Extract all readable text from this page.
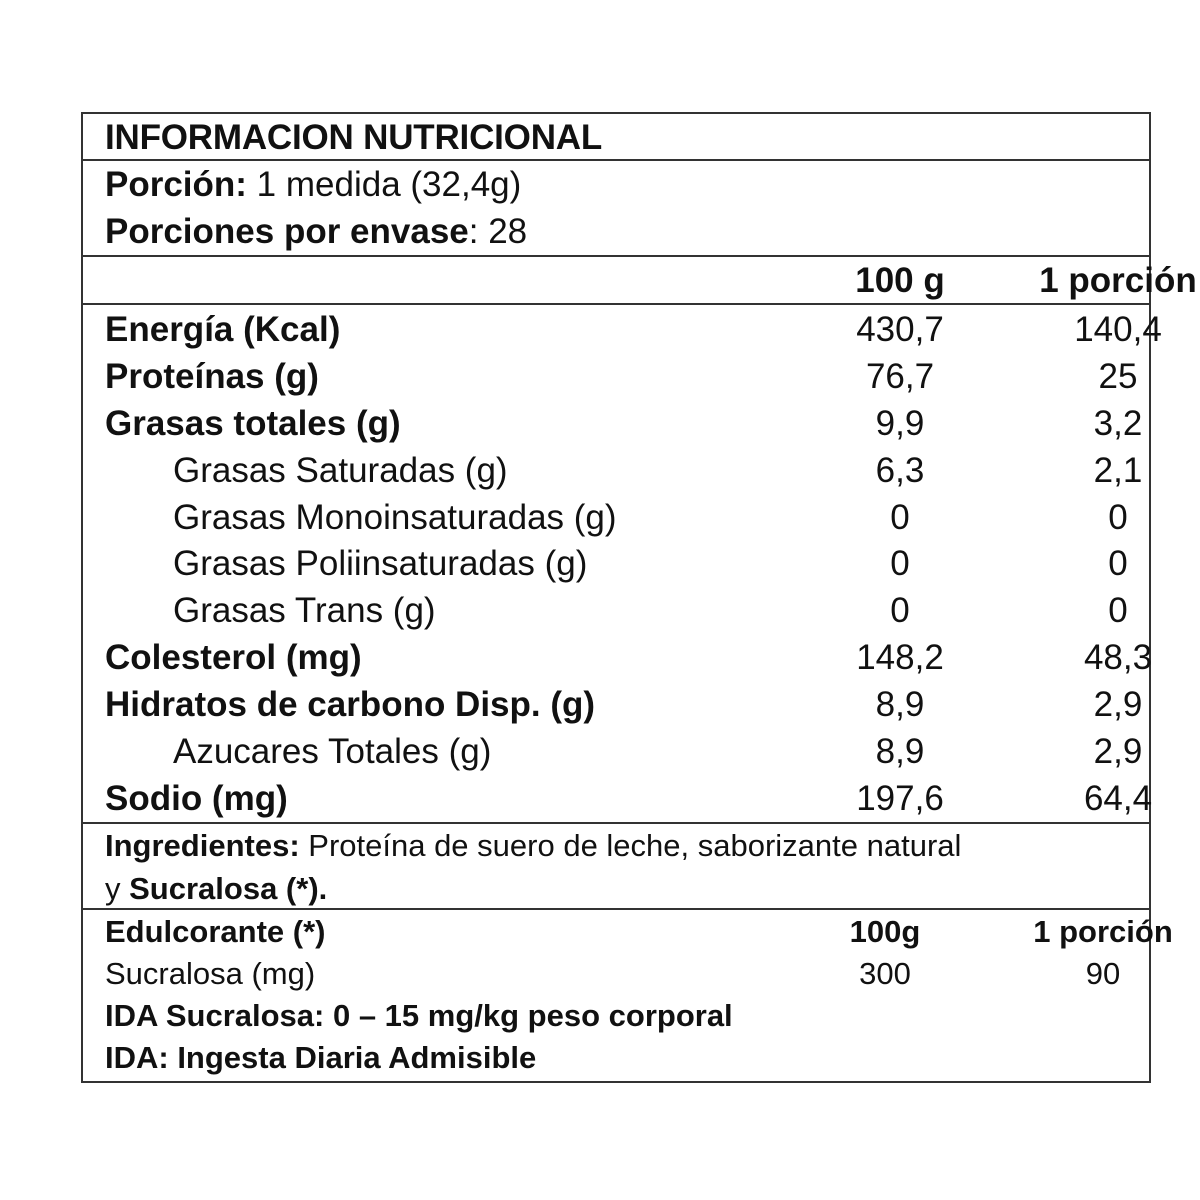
INFORMACION NUTRICIONAL
Porción: 1 medida (32,4g)
Porciones por envase: 28
100 g	1 porción
Energía (Kcal)	430,7	140,4
Proteínas (g)	76,7	25
Grasas totales (g)	9,9	3,2
Grasas Saturadas (g)	6,3	2,1
Grasas Monoinsaturadas (g)	0	0
Grasas Poliinsaturadas (g)	0	0
Grasas Trans (g)	0	0
Colesterol (mg)	148,2	48,3
Hidratos de carbono Disp. (g)	8,9	2,9
Azucares Totales (g)	8,9	2,9
Sodio (mg)	197,6	64,4
Ingredientes: Proteína de suero de leche, saborizante natural
y Sucralosa (*).
Edulcorante (*)	100g	1 porción
Sucralosa (mg)	300	90
IDA Sucralosa: 0 – 15 mg/kg peso corporal
IDA: Ingesta Diaria Admisible
